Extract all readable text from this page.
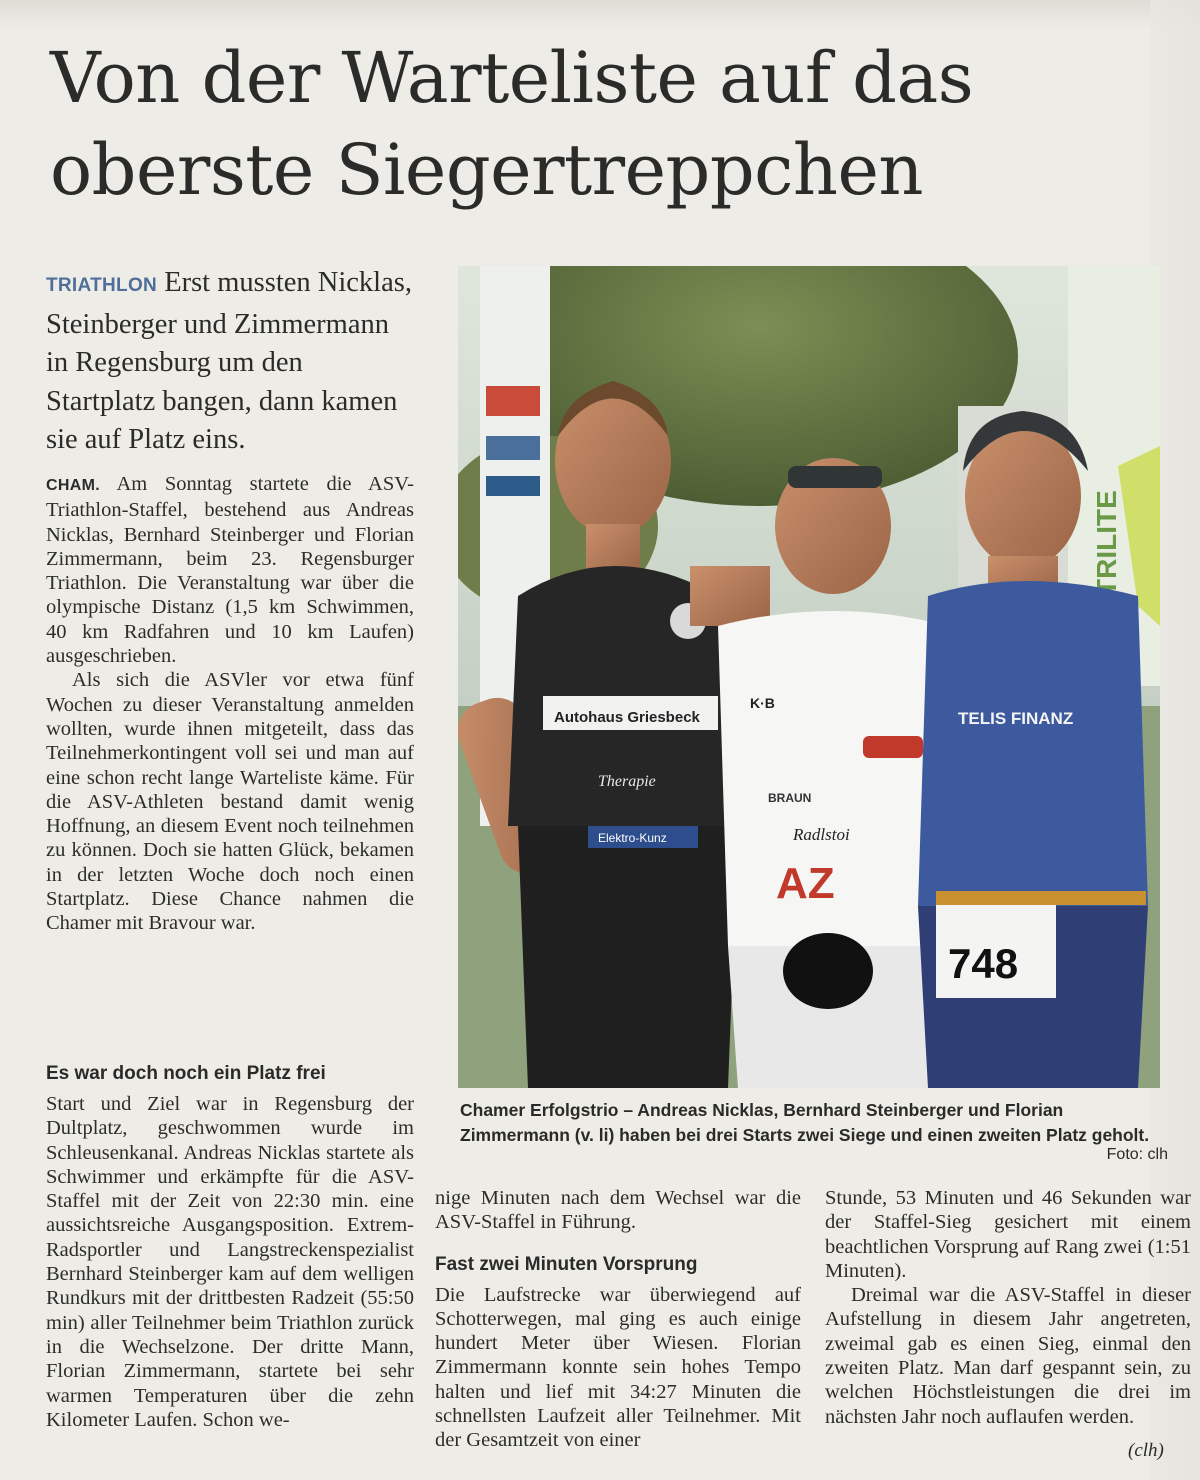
Von der Warteliste auf das oberste Siegertreppchen
TRIATHLON Erst mussten Nicklas, Steinberger und Zimmermann in Regensburg um den Startplatz bangen, dann kamen sie auf Platz eins.

CHAM. Am Sonntag startete die ASV-Triathlon-Staffel, bestehend aus Andreas Nicklas, Bernhard Steinberger und Florian Zimmermann, beim 23. Regensburger Triathlon. Die Veranstaltung war über die olympische Distanz (1,5 km Schwimmen, 40 km Radfahren und 10 km Laufen) ausgeschrieben.

Als sich die ASVler vor etwa fünf Wochen zu dieser Veranstaltung anmelden wollten, wurde ihnen mitgeteilt, dass das Teilnehmerkontingent voll sei und man auf eine schon recht lange Warteliste käme. Für die ASV-Athleten bestand damit wenig Hoffnung, an diesem Event noch teilnehmen zu können. Doch sie hatten Glück, bekamen in der letzten Woche doch noch einen Startplatz. Diese Chance nahmen die Chamer mit Bravour war.

Es war doch noch ein Platz frei

Start und Ziel war in Regensburg der Dultplatz, geschwommen wurde im Schleusenkanal. Andreas Nicklas startete als Schwimmer und erkämpfte für die ASV-Staffel mit der Zeit von 22:30 min. eine aussichtsreiche Ausgangsposition. Extrem-Radsportler und Langstreckenspezialist Bernhard Steinberger kam auf dem welligen Rundkurs mit der drittbesten Radzeit (55:50 min) aller Teilnehmer beim Triathlon zurück in die Wechselzone. Der dritte Mann, Florian Zimmermann, startete bei sehr warmen Temperaturen über die zehn Kilometer Laufen. Schon we-

nige Minuten nach dem Wechsel war die ASV-Staffel in Führung.

Fast zwei Minuten Vorsprung

Die Laufstrecke war überwiegend auf Schotterwegen, mal ging es auch einige hundert Meter über Wiesen. Florian Zimmermann konnte sein hohes Tempo halten und lief mit 34:27 Minuten die schnellsten Laufzeit aller Teilnehmer. Mit der Gesamtzeit von einer

Stunde, 53 Minuten und 46 Sekunden war der Staffel-Sieg gesichert mit einem beachtlichen Vorsprung auf Rang zwei (1:51 Minuten).

Dreimal war die ASV-Staffel in dieser Aufstellung in diesem Jahr angetreten, zweimal gab es einen Sieg, einmal den zweiten Platz. Man darf gespannt sein, zu welchen Höchstleistungen die drei im nächsten Jahr noch auflaufen werden.

(clh)
TRILITE
Autohaus Griesbeck
Therapie
Elektro-Kunz
K·B
BRAUN
Radlstoi
AZ
TELIS FINANZ
748
Chamer Erfolgstrio – Andreas Nicklas, Bernhard Steinberger und Florian Zimmermann (v. li) haben bei drei Starts zwei Siege und einen zweiten Platz geholt.
Foto: clh
